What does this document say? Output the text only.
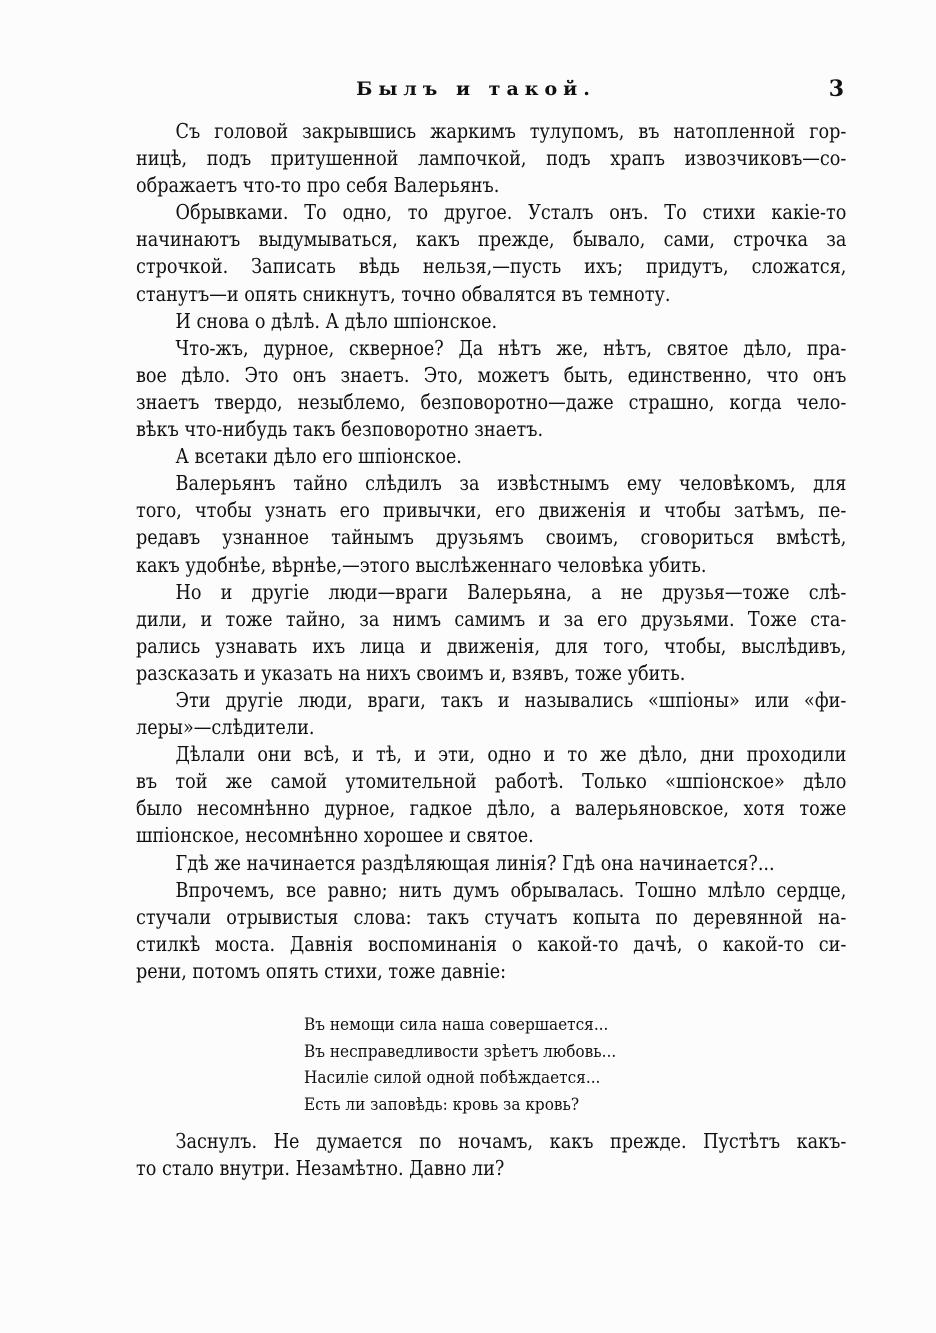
Былъ и такой.	3
Съ головой закрывшись жаркимъ тулупомъ, въ натопленной гор-
ницѣ, подъ притушенной лампочкой, подъ храпъ извозчиковъ—со-
ображаетъ что-то про себя Валерьянъ.
Обрывками. То одно, то другое. Усталъ онъ. То стихи какіе-то
начинаютъ выдумываться, какъ прежде, бывало, сами, строчка за
строчкой. Записать вѣдь нельзя,—пусть ихъ; придутъ, сложатся,
станутъ—и опять сникнутъ, точно обвалятся въ темноту.
И снова о дѣлѣ. А дѣло шпіонское.
Что-жъ, дурное, скверное? Да нѣтъ же, нѣтъ, святое дѣло, пра-
вое дѣло. Это онъ знаетъ. Это, можетъ быть, единственно, что онъ
знаетъ твердо, незыблемо, безповоротно—даже страшно, когда чело-
вѣкъ что-нибудь такъ безповоротно знаетъ.
А всетаки дѣло его шпіонское.
Валерьянъ тайно слѣдилъ за извѣстнымъ ему человѣкомъ, для
того, чтобы узнать его привычки, его движенія и чтобы затѣмъ, пе-
редавъ узнанное тайнымъ друзьямъ своимъ, сговориться вмѣстѣ,
какъ удобнѣе, вѣрнѣе,—этого выслѣженнаго человѣка убить.
Но и другіе люди—враги Валерьяна, а не друзья—тоже слѣ-
дили, и тоже тайно, за нимъ самимъ и за его друзьями. Тоже ста-
рались узнавать ихъ лица и движенія, для того, чтобы, выслѣдивъ,
разсказать и указать на нихъ своимъ и, взявъ, тоже убить.
Эти другіе люди, враги, такъ и назывались «шпіоны» или «фи-
леры»—слѣдители.
Дѣлали они всѣ, и тѣ, и эти, одно и то же дѣло, дни проходили
въ той же самой утомительной работѣ. Только «шпіонское» дѣло
было несомнѣнно дурное, гадкое дѣло, а валерьяновское, хотя тоже
шпіонское, несомнѣнно хорошее и святое.
Гдѣ же начинается раздѣляющая линія? Гдѣ она начинается?...
Впрочемъ, все равно; нить думъ обрывалась. Тошно млѣло сердце,
стучали отрывистыя слова: такъ стучатъ копыта по деревянной на-
стилкѣ моста. Давнія воспоминанія о какой-то дачѣ, о какой-то си-
рени, потомъ опять стихи, тоже давніе:
Въ немощи сила наша совершается...
Въ несправедливости зрѣетъ любовь...
Насиліе силой одной побѣждается...
Есть ли заповѣдь: кровь за кровь?
Заснулъ. Не думается по ночамъ, какъ прежде. Пустѣтъ какъ-
то стало внутри. Незамѣтно. Давно ли?
